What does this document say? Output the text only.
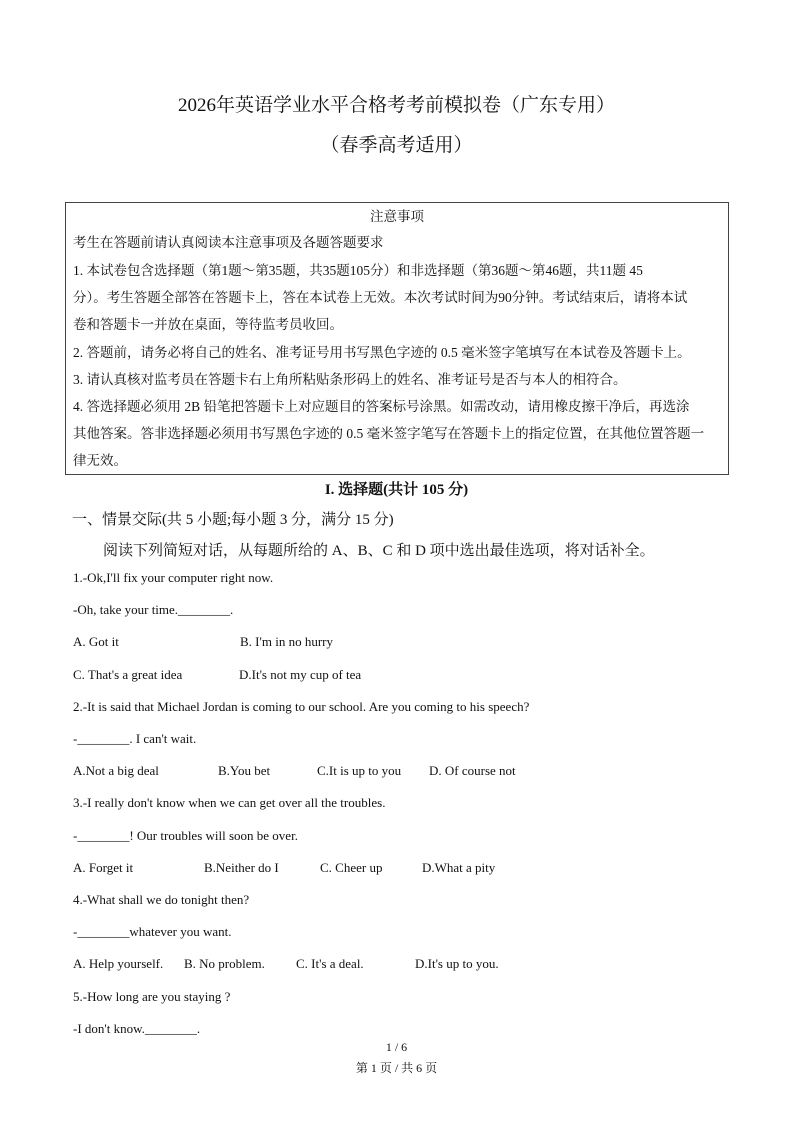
2026年英语学业水平合格考考前模拟卷（广东专用）
（春季高考适用）
注意事项
考生在答题前请认真阅读本注意事项及各题答题要求
1. 本试卷包含选择题（第1题～第35题，共35题105分）和非选择题（第36题～第46题，共11题 45
分）。考生答题全部答在答题卡上，答在本试卷上无效。本次考试时间为90分钟。考试结束后，请将本试
卷和答题卡一并放在桌面，等待监考员收回。
2. 答题前，请务必将自己的姓名、准考证号用书写黑色字迹的 0.5 毫米签字笔填写在本试卷及答题卡上。
3. 请认真核对监考员在答题卡右上角所粘贴条形码上的姓名、准考证号是否与本人的相符合。
4. 答选择题必须用 2B 铅笔把答题卡上对应题目的答案标号涂黑。如需改动，请用橡皮擦干净后，再选涂
其他答案。答非选择题必须用书写黑色字迹的 0.5 毫米签字笔写在答题卡上的指定位置，在其他位置答题一
律无效。
I. 选择题(共计 105 分)
一、情景交际(共 5 小题;每小题 3 分，满分 15 分)
阅读下列简短对话，从每题所给的 A、B、C 和 D 项中选出最佳选项，将对话补全。
1.-Ok,I'll fix your computer right now.
-Oh, take your time.________.
A. Got it	B. I'm in no hurry
C. That's a great idea	D.It's not my cup of tea
2.-It is said that Michael Jordan is coming to our school. Are you coming to his speech?
-________. I can't wait.
A.Not a big deal	B.You bet	C.It is up to you D. Of course not
3.-I really don't know when we can get over all the troubles.
-________! Our troubles will soon be over.
A. Forget it	B.Neither do I	C. Cheer up	D.What a pity
4.-What shall we do tonight then?
-________whatever you want.
A. Help yourself. B. No problem. C. It's a deal.	D.It's up to you.
5.-How long are you staying ?
-I don't know.________.
1 / 6
第 1 页 / 共 6 页
